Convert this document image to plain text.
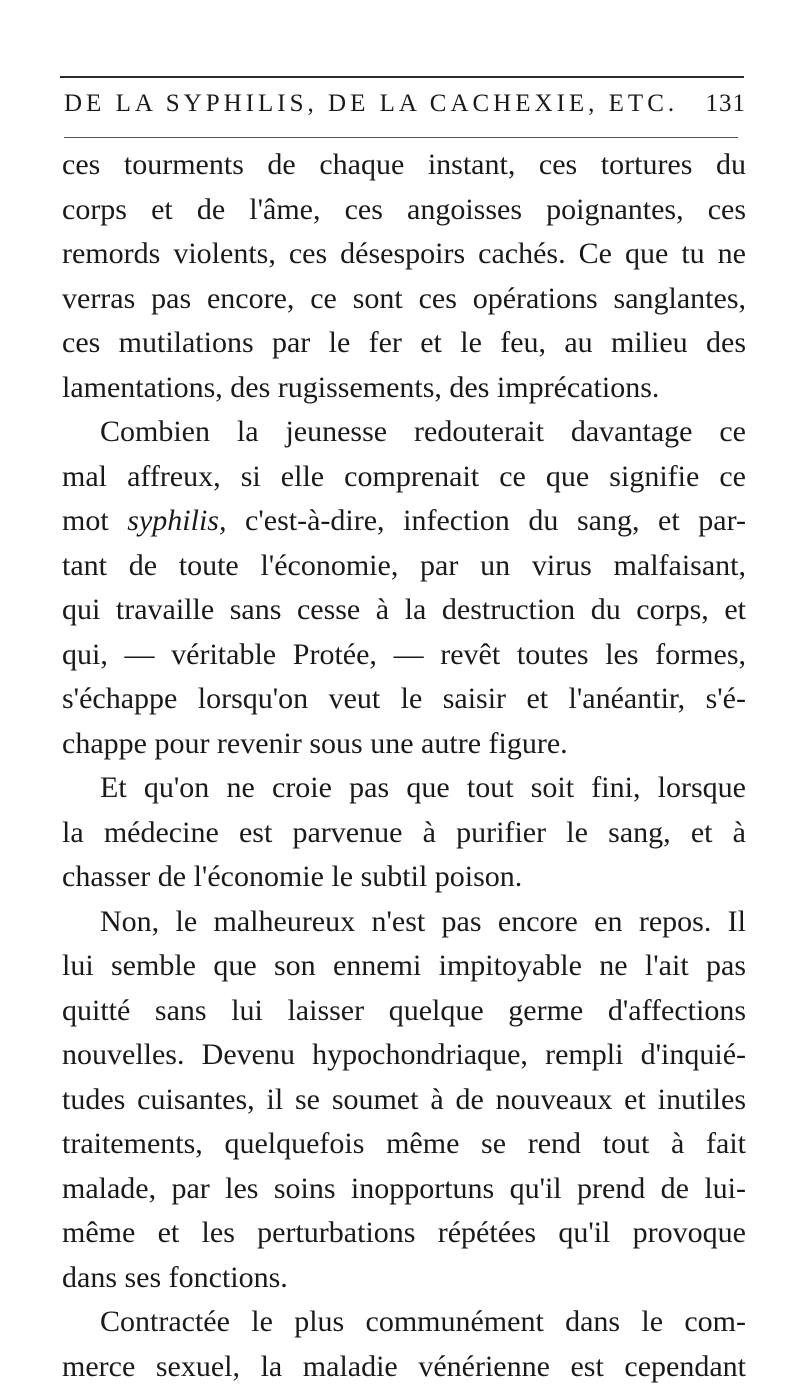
DE LA SYPHILIS, DE LA CACHEXIE, ETC. 131
ces tourments de chaque instant, ces tortures du
corps et de l'âme, ces angoisses poignantes, ces
remords violents, ces désespoirs cachés. Ce que tu ne
verras pas encore, ce sont ces opérations sanglantes,
ces mutilations par le fer et le feu, au milieu des
lamentations, des rugissements, des imprécations.
Combien la jeunesse redouterait davantage ce
mal affreux, si elle comprenait ce que signifie ce
mot syphilis, c'est-à-dire, infection du sang, et par-
tant de toute l'économie, par un virus malfaisant,
qui travaille sans cesse à la destruction du corps, et
qui, — véritable Protée, — revêt toutes les formes,
s'échappe lorsqu'on veut le saisir et l'anéantir, s'é-
chappe pour revenir sous une autre figure.
Et qu'on ne croie pas que tout soit fini, lorsque
la médecine est parvenue à purifier le sang, et à
chasser de l'économie le subtil poison.
Non, le malheureux n'est pas encore en repos. Il
lui semble que son ennemi impitoyable ne l'ait pas
quitté sans lui laisser quelque germe d'affections
nouvelles. Devenu hypochondriaque, rempli d'inquié-
tudes cuisantes, il se soumet à de nouveaux et inutiles
traitements, quelquefois même se rend tout à fait
malade, par les soins inopportuns qu'il prend de lui-
même et les perturbations répétées qu'il provoque
dans ses fonctions.
Contractée le plus communément dans le com-
merce sexuel, la maladie vénérienne est cependant
